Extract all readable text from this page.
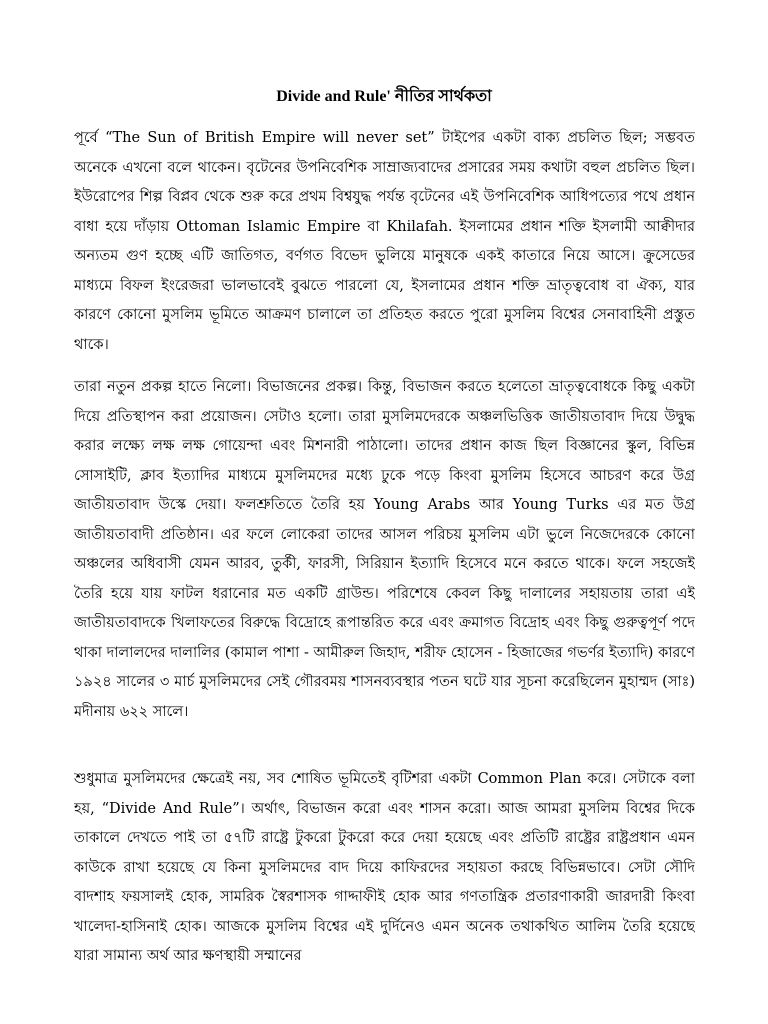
Divide and Rule' নীতির সার্থকতা

পূর্বে “The Sun of British Empire will never set” টাইপের একটা বাক্য প্রচলিত ছিল; সম্ভবত অনেকে এখনো বলে থাকেন। বৃটেনের উপনিবেশিক সাম্রাজ্যবাদের প্রসারের সময় কথাটা বহুল প্রচলিত ছিল। ইউরোপের শিল্প বিপ্লব থেকে শুরু করে প্রথম বিশ্বযুদ্ধ পর্যন্ত বৃটেনের এই উপনিবেশিক আধিপত্যের পথে প্রধান বাধা হয়ে দাঁড়ায় Ottoman Islamic Empire বা Khilafah. ইসলামের প্রধান শক্তি ইসলামী আক্বীদার অন্যতম গুণ হচ্ছে এটি জাতিগত, বর্ণগত বিভেদ ভুলিয়ে মানুষকে একই কাতারে নিয়ে আসে। ক্রুসেডের মাধ্যমে বিফল ইংরেজরা ভালভাবেই বুঝতে পারলো যে, ইসলামের প্রধান শক্তি ভ্রাতৃত্ববোধ বা ঐক্য, যার কারণে কোনো মুসলিম ভূমিতে আক্রমণ চালালে তা প্রতিহত করতে পুরো মুসলিম বিশ্বের সেনাবাহিনী প্রস্তুত থাকে।

তারা নতুন প্রকল্প হাতে নিলো। বিভাজনের প্রকল্প। কিন্তু, বিভাজন করতে হলেতো ভ্রাতৃত্ববোধকে কিছু একটা দিয়ে প্রতিস্থাপন করা প্রয়োজন। সেটাও হলো। তারা মুসলিমদেরকে অঞ্চলভিত্তিক জাতীয়তাবাদ দিয়ে উদ্বুদ্ধ করার লক্ষ্যে লক্ষ লক্ষ গোয়েন্দা এবং মিশনারী পাঠালো। তাদের প্রধান কাজ ছিল বিজ্ঞানের স্কুল, বিভিন্ন সোসাইটি, ক্লাব ইত্যাদির মাধ্যমে মুসলিমদের মধ্যে ঢুকে পড়ে কিংবা মুসলিম হিসেবে আচরণ করে উগ্র জাতীয়তাবাদ উস্কে দেয়া। ফলশ্রুতিতে তৈরি হয় Young Arabs আর Young Turks এর মত উগ্র জাতীয়তাবাদী প্রতিষ্ঠান। এর ফলে লোকেরা তাদের আসল পরিচয় মুসলিম এটা ভুলে নিজেদেরকে কোনো অঞ্চলের অধিবাসী যেমন আরব, তুর্কী, ফারসী, সিরিয়ান ইত্যাদি হিসেবে মনে করতে থাকে। ফলে সহজেই তৈরি হয়ে যায় ফাটল ধরানোর মত একটি গ্রাউন্ড। পরিশেষে কেবল কিছু দালালের সহায়তায় তারা এই জাতীয়তাবাদকে খিলাফতের বিরুদ্ধে বিদ্রোহে রূপান্তরিত করে এবং ক্রমাগত বিদ্রোহ এবং কিছু গুরুত্বপূর্ণ পদে থাকা দালালদের দালালির (কামাল পাশা - আমীরুল জিহাদ, শরীফ হোসেন - হিজাজের গভর্ণর ইত্যাদি) কারণে ১৯২৪ সালের ৩ মার্চ মুসলিমদের সেই গৌরবময় শাসনব্যবস্থার পতন ঘটে যার সূচনা করেছিলেন মুহাম্মদ (সাঃ) মদীনায় ৬২২ সালে।

শুধুমাত্র মুসলিমদের ক্ষেত্রেই নয়, সব শোষিত ভূমিতেই বৃটিশরা একটা Common Plan করে। সেটাকে বলা হয়, “Divide And Rule”। অর্থাৎ, বিভাজন করো এবং শাসন করো। আজ আমরা মুসলিম বিশ্বের দিকে তাকালে দেখতে পাই তা ৫৭টি রাষ্ট্রে টুকরো টুকরো করে দেয়া হয়েছে এবং প্রতিটি রাষ্ট্রের রাষ্ট্রপ্রধান এমন কাউকে রাখা হয়েছে যে কিনা মুসলিমদের বাদ দিয়ে কাফিরদের সহায়তা করছে বিভিন্নভাবে। সেটা সৌদি বাদশাহ ফয়সালই হোক, সামরিক স্বৈরশাসক গাদ্দাফীই হোক আর গণতান্ত্রিক প্রতারণাকারী জারদারী কিংবা খালেদা-হাসিনাই হোক। আজকে মুসলিম বিশ্বের এই দুর্দিনেও এমন অনেক তথাকথিত আলিম তৈরি হয়েছে যারা সামান্য অর্থ আর ক্ষণস্থায়ী সম্মানের
